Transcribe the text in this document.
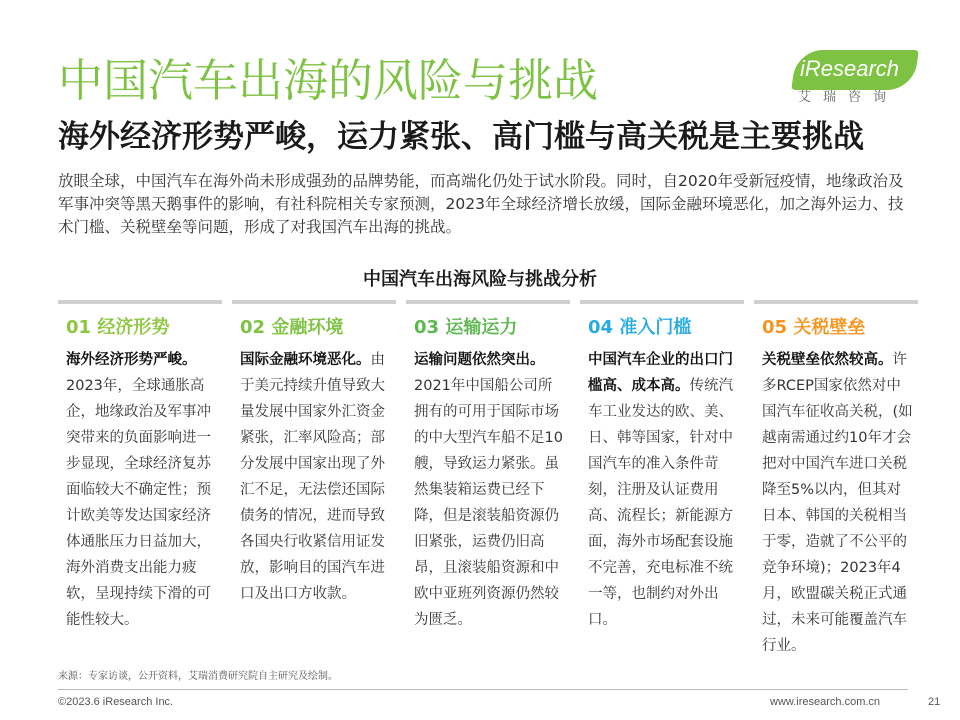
中国汽车出海的风险与挑战
海外经济形势严峻，运力紧张、高门槛与高关税是主要挑战
iResearch
艾瑞咨询

放眼全球，中国汽车在海外尚未形成强劲的品牌势能，而高端化仍处于试水阶段。同时，自2020年受新冠疫情，地缘政治及军事冲突等黑天鹅事件的影响，有社科院相关专家预测，2023年全球经济增长放缓，国际金融环境恶化，加之海外运力、技术门槛、关税壁垒等问题，形成了对我国汽车出海的挑战。

中国汽车出海风险与挑战分析
01 经济形势
海外经济形势严峻。2023年，全球通胀高企，地缘政治及军事冲突带来的负面影响进一步显现，全球经济复苏面临较大不确定性；预计欧美等发达国家经济体通胀压力日益加大，海外消费支出能力疲软，呈现持续下滑的可能性较大。
02 金融环境
国际金融环境恶化。由于美元持续升值导致大量发展中国家外汇资金紧张，汇率风险高；部分发展中国家出现了外汇不足，无法偿还国际债务的情况，进而导致各国央行收紧信用证发放，影响目的国汽车进口及出口方收款。
03 运输运力
运输问题依然突出。2021年中国船公司所拥有的可用于国际市场的中大型汽车船不足10艘，导致运力紧张。虽然集装箱运费已经下降，但是滚装船资源仍旧紧张，运费仍旧高昂，且滚装船资源和中欧中亚班列资源仍然较为匮乏。
04 准入门槛
中国汽车企业的出口门槛高、成本高。传统汽车工业发达的欧、美、日、韩等国家，针对中国汽车的准入条件苛刻，注册及认证费用高、流程长；新能源方面，海外市场配套设施不完善，充电标准不统一等，也制约对外出口。
05 关税壁垒
关税壁垒依然较高。许多RCEP国家依然对中国汽车征收高关税，(如越南需通过约10年才会把对中国汽车进口关税降至5%以内，但其对日本、韩国的关税相当于零，造就了不公平的竞争环境)；2023年4月，欧盟碳关税正式通过，未来可能覆盖汽车行业。
来源：专家访谈，公开资料，艾瑞消费研究院自主研究及绘制。
©2023.6 iResearch Inc.	www.iresearch.com.cn	21
